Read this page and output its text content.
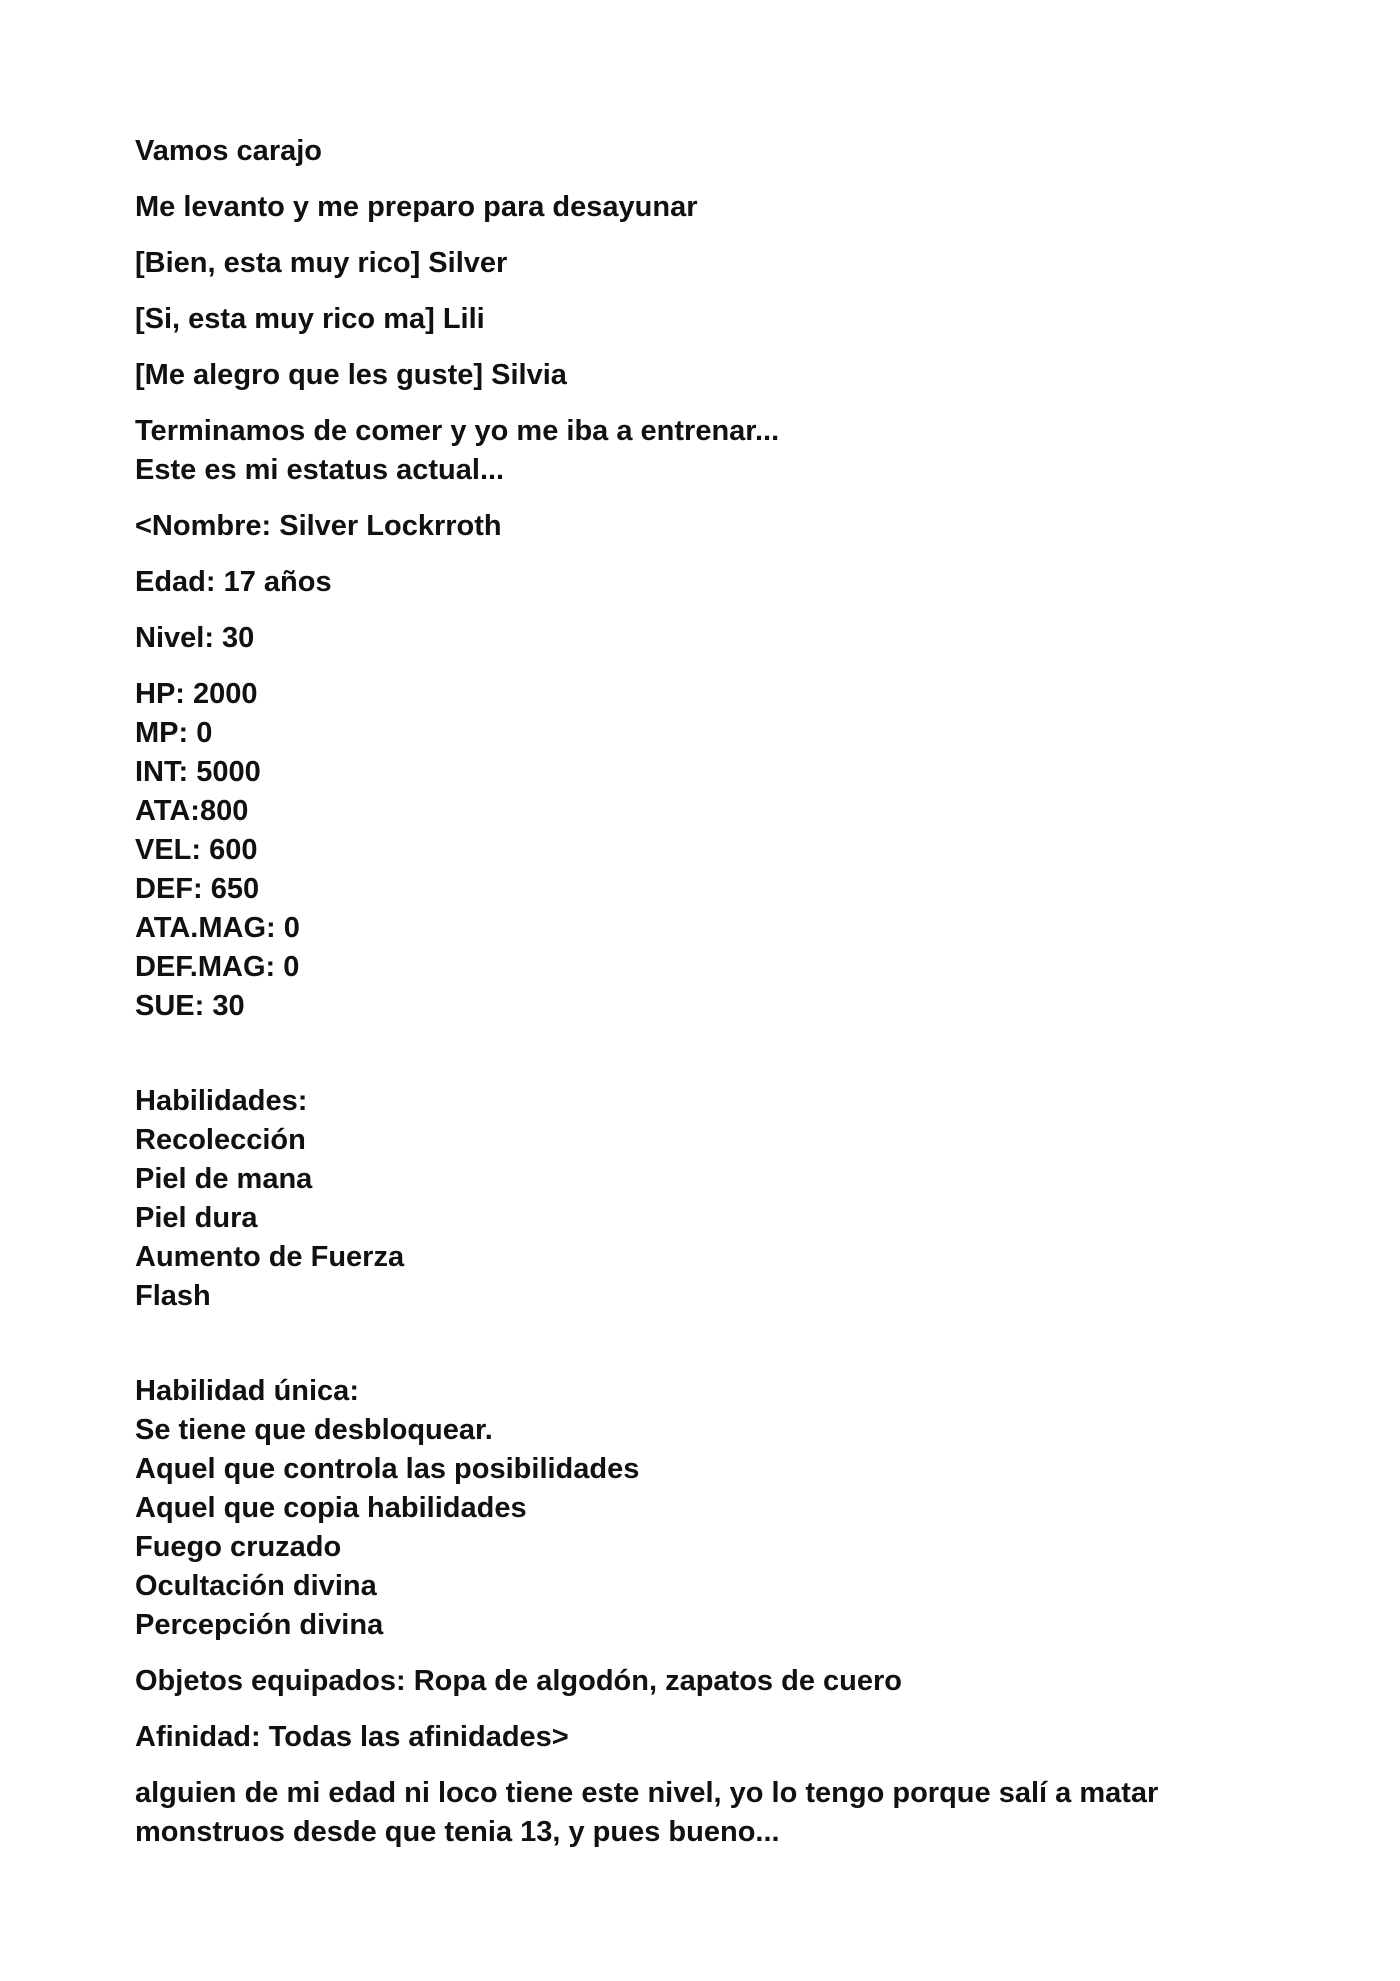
Vamos carajo

Me levanto y me preparo para desayunar

[Bien, esta muy rico] Silver

[Si, esta muy rico ma] Lili

[Me alegro que les guste] Silvia

Terminamos de comer y yo me iba a entrenar...
Este es mi estatus actual...

<Nombre: Silver Lockrroth

Edad: 17 años

Nivel: 30

HP: 2000
MP: 0
INT: 5000
ATA:800
VEL: 600
DEF: 650
ATA.MAG: 0
DEF.MAG: 0
SUE: 30
Habilidades:
Recolección
Piel de mana
Piel dura
Aumento de Fuerza
Flash
Habilidad única:
Se tiene que desbloquear.
Aquel que controla las posibilidades
Aquel que copia habilidades
Fuego cruzado
Ocultación divina
Percepción divina

Objetos equipados: Ropa de algodón, zapatos de cuero

Afinidad: Todas las afinidades>

alguien de mi edad ni loco tiene este nivel, yo lo tengo porque salí a matar
monstruos desde que tenia 13, y pues bueno...
